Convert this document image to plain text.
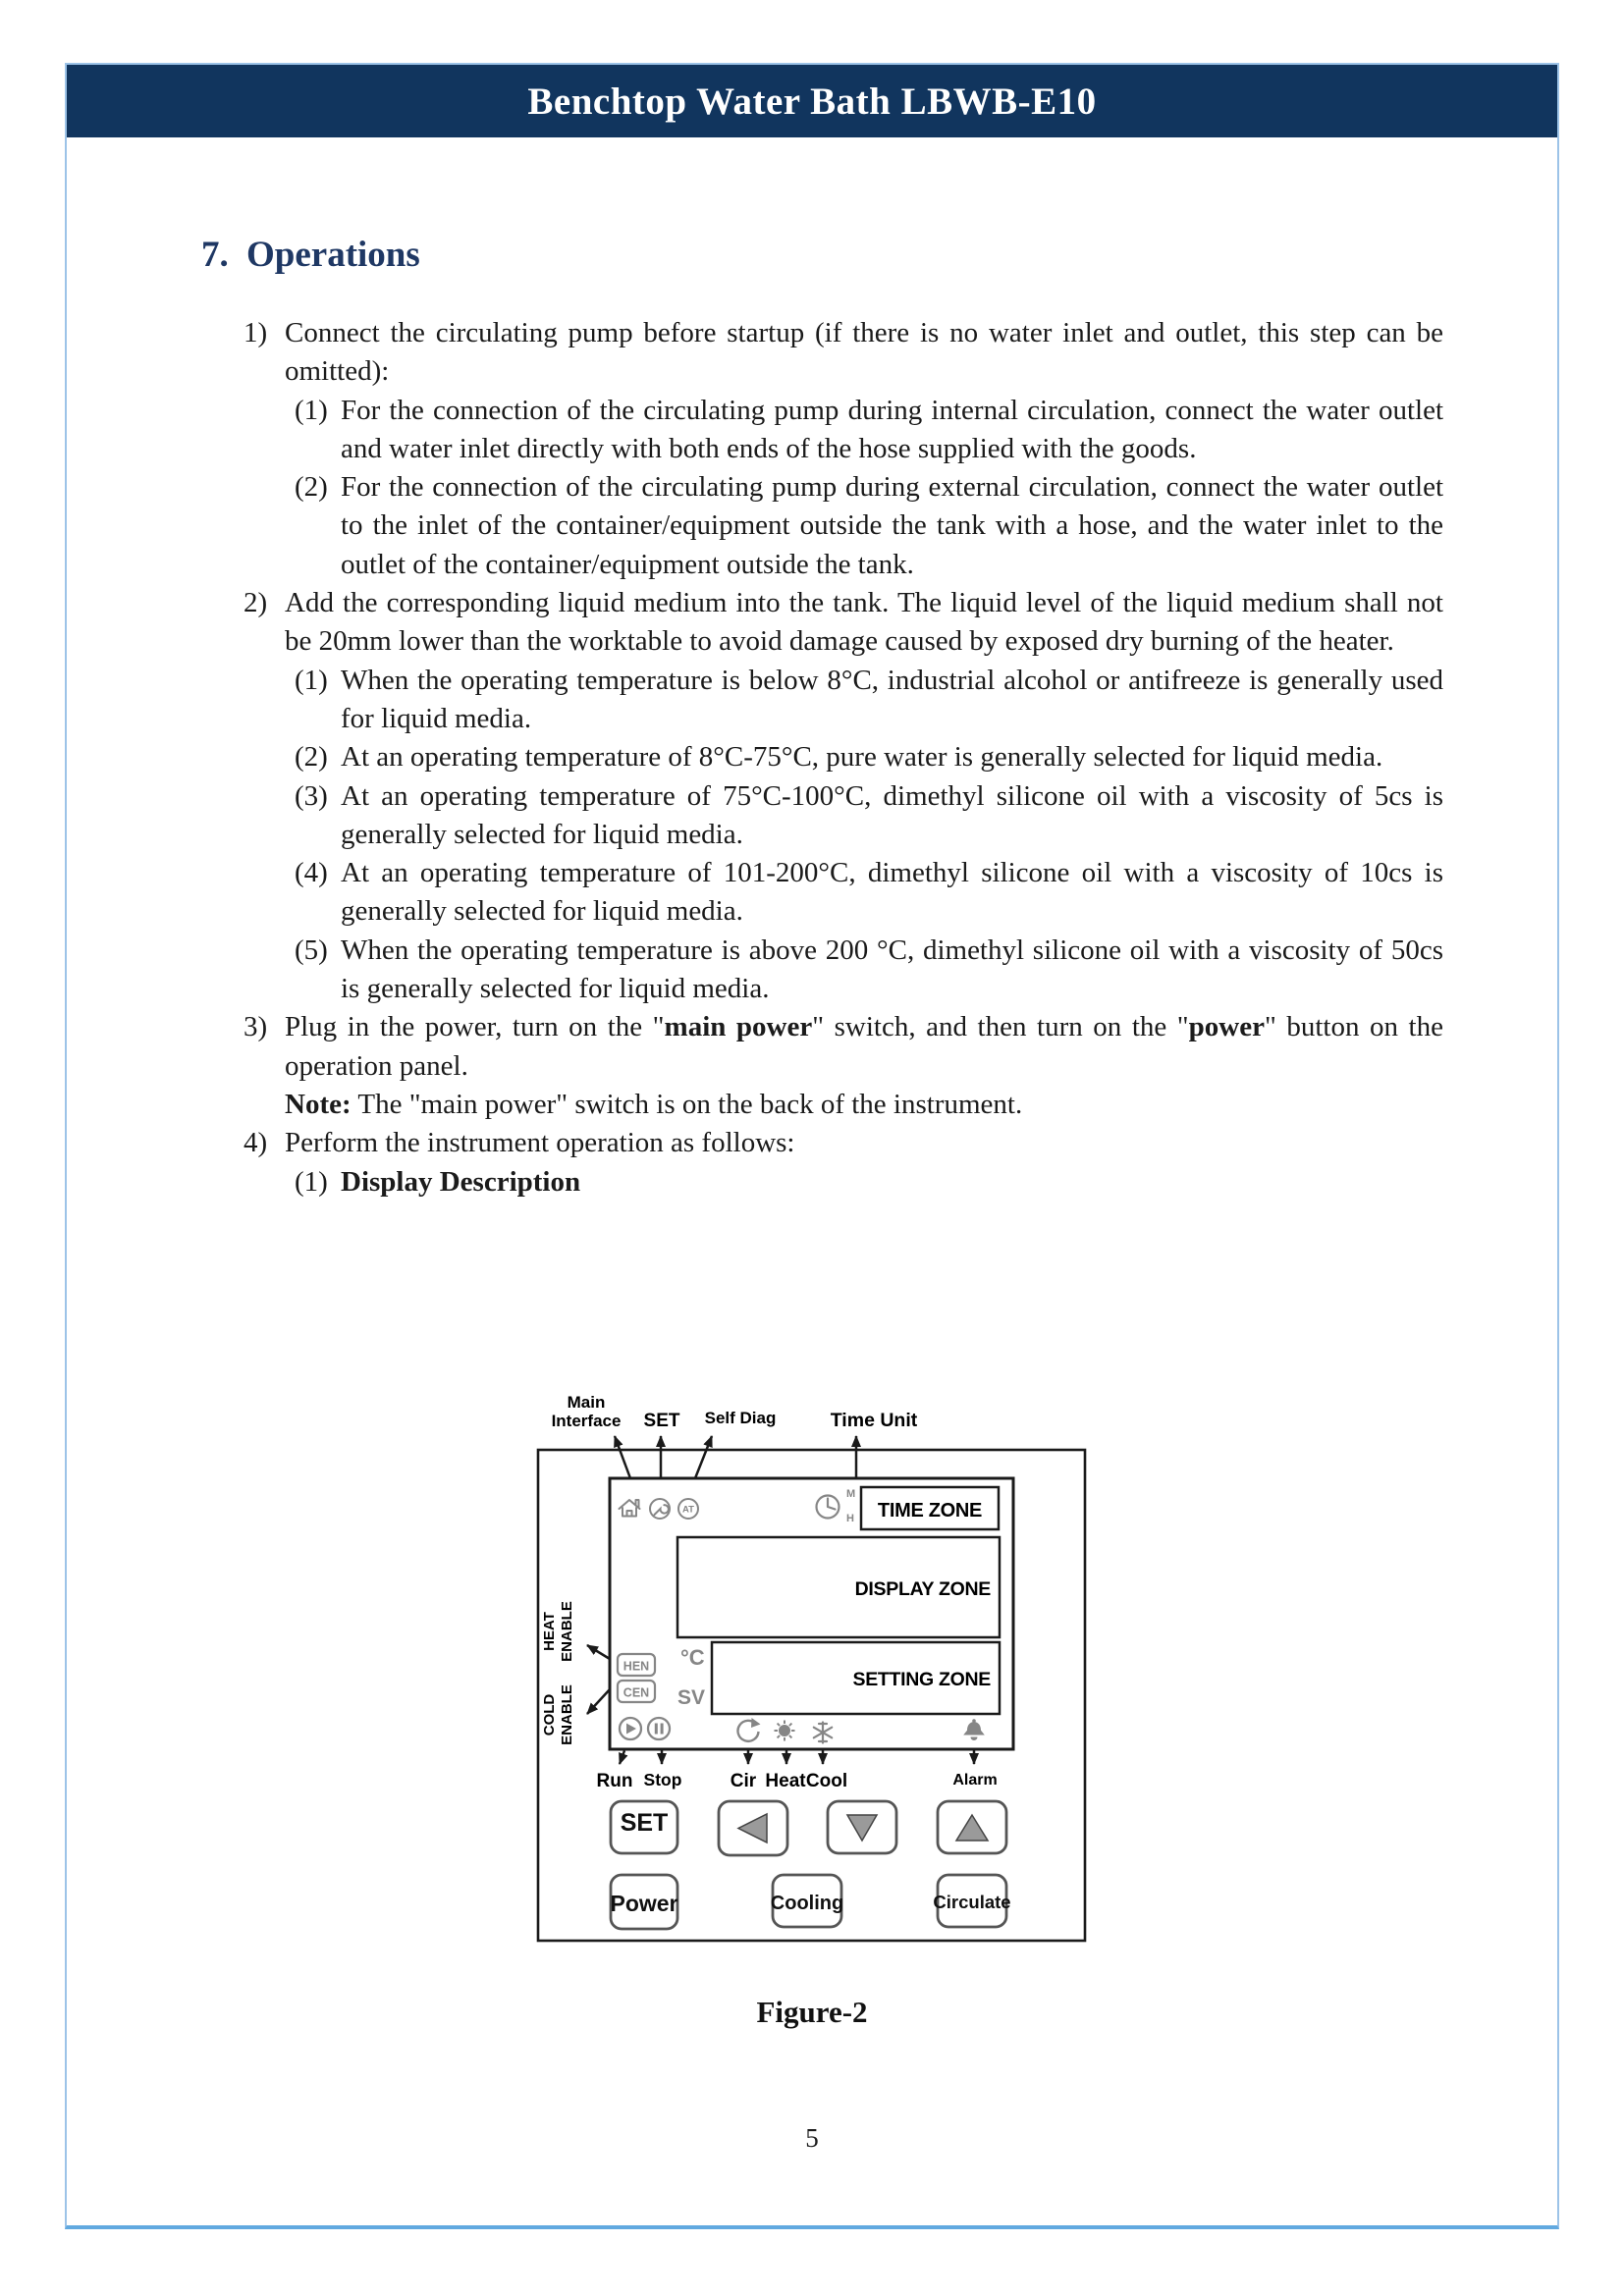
Benchtop Water Bath LBWB-E10
7. Operations
1) Connect the circulating pump before startup (if there is no water inlet and outlet, this step can be omitted):
(1) For the connection of the circulating pump during internal circulation, connect the water outlet and water inlet directly with both ends of the hose supplied with the goods.
(2) For the connection of the circulating pump during external circulation, connect the water outlet to the inlet of the container/equipment outside the tank with a hose, and the water inlet to the outlet of the container/equipment outside the tank.
2) Add the corresponding liquid medium into the tank. The liquid level of the liquid medium shall not be 20mm lower than the worktable to avoid damage caused by exposed dry burning of the heater.
(1) When the operating temperature is below 8°C, industrial alcohol or antifreeze is generally used for liquid media.
(2) At an operating temperature of 8°C-75°C, pure water is generally selected for liquid media.
(3) At an operating temperature of 75°C-100°C, dimethyl silicone oil with a viscosity of 5cs is generally selected for liquid media.
(4) At an operating temperature of 101-200°C, dimethyl silicone oil with a viscosity of 10cs is generally selected for liquid media.
(5) When the operating temperature is above 200 °C, dimethyl silicone oil with a viscosity of 50cs is generally selected for liquid media.
3) Plug in the power, turn on the "main power" switch, and then turn on the "power" button on the operation panel.
Note: The "main power" switch is on the back of the instrument.
4) Perform the instrument operation as follows:
(1) Display Description
Main
Interface SET Self Diag	Time Unit
AT
M
H TIME ZONE
DISPLAY ZONE
SETTING ZONE
°C
SV
HEN
CEN
HEAT ENABLE
COLD ENABLE
Run Stop	Cir Heat Cool	Alarm
SET
Power	Cooling	Circulate
Figure-2
5
